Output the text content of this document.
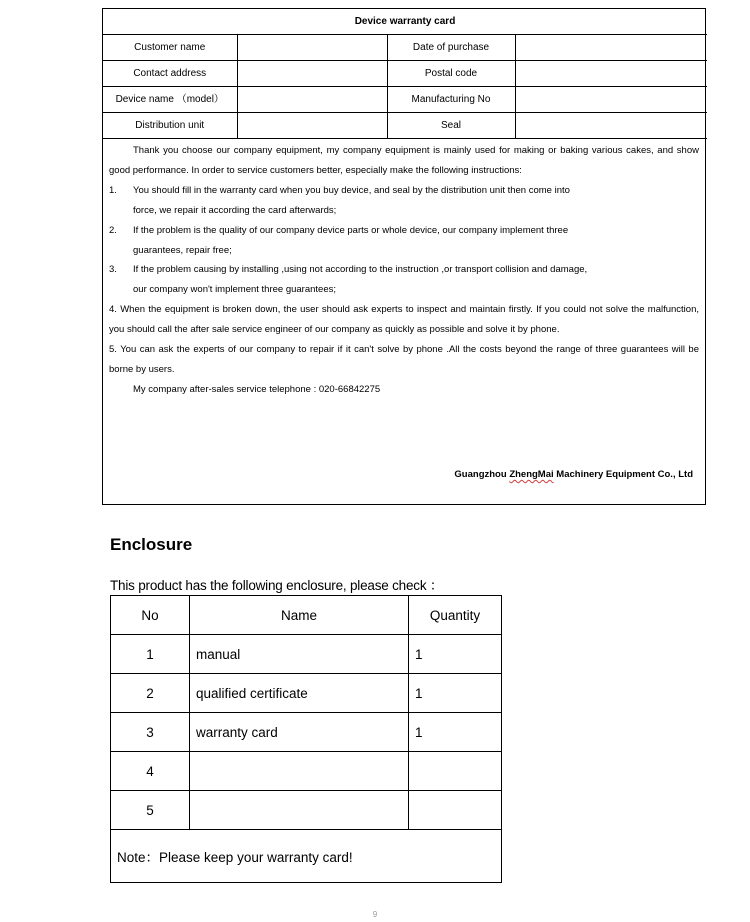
Device warranty card			
Customer name		Date of purchase	
Contact address		Postal code	
Device name （model）		Manufacturing No	
Distribution unit		Seal	

Thank you choose our company equipment, my company equipment is mainly used for making or baking various cakes, and show good performance. In order to service customers better, especially make the following instructions:

1.	You should fill in the warranty card when you buy device, and seal by the distribution unit then come into
force, we repair it according the card afterwards;
2.	If the problem is the quality of our company device parts or whole device, our company implement three
guarantees, repair free;
3.	If the problem causing by installing ,using not according to the instruction ,or transport collision and damage,
our company won't implement three guarantees;

4. When the equipment is broken down, the user should ask experts to inspect and maintain firstly. If you could not solve the malfunction, you should call the after sale service engineer of our company as quickly as possible and solve it by phone.

5. You can ask the experts of our company to repair if it can't solve by phone .All the costs beyond the range of three guarantees will be borne by users.

My company after-sales service telephone : 020-66842275

Guangzhou ZhengMai Machinery Equipment Co., Ltd
Enclosure

This product has the following enclosure, please check ：

No	Name	Quantity
1	manual	1
2	qualified certificate	1
3	warranty card	1
4		
5		
Note：Please keep your warranty card!		
9
